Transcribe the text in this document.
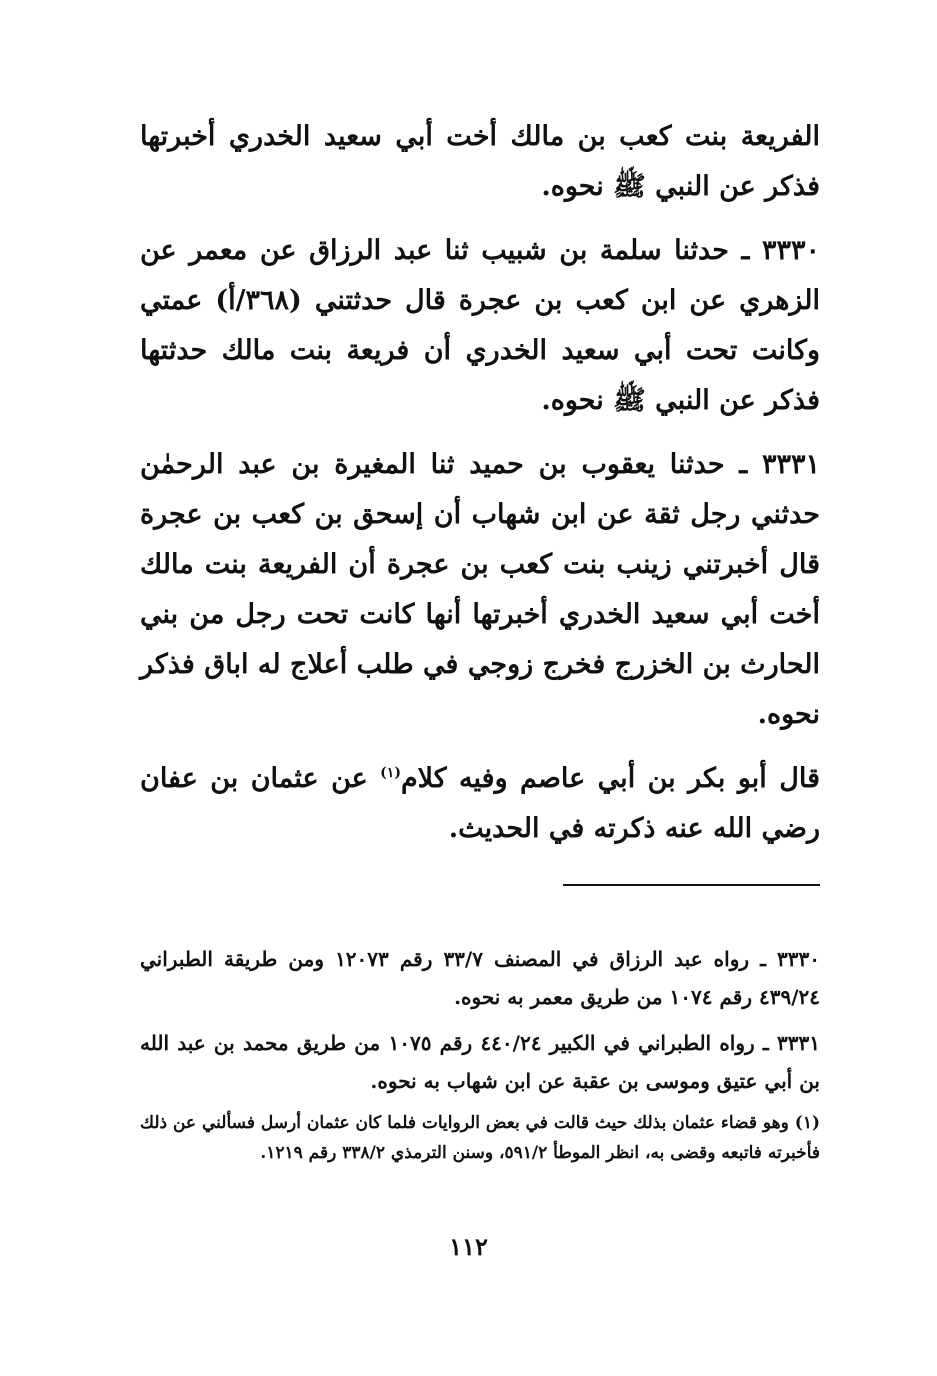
الفريعة بنت كعب بن مالك أخت أبي سعيد الخدري أخبرتها فذكر عن النبي ﷺ نحوه.

٣٣٣٠ ـ حدثنا سلمة بن شبيب ثنا عبد الرزاق عن معمر عن الزهري عن ابن كعب بن عجرة قال حدثتني (٣٦٨/أ) عمتي وكانت تحت أبي سعيد الخدري أن فريعة بنت مالك حدثتها فذكر عن النبي ﷺ نحوه.

٣٣٣١ ـ حدثنا يعقوب بن حميد ثنا المغيرة بن عبد الرحمٰن حدثني رجل ثقة عن ابن شهاب أن إسحق بن كعب بن عجرة قال أخبرتني زينب بنت كعب بن عجرة أن الفريعة بنت مالك أخت أبي سعيد الخدري أخبرتها أنها كانت تحت رجل من بني الحارث بن الخزرج فخرج زوجي في طلب أعلاج له اباق فذكر نحوه.

قال أبو بكر بن أبي عاصم وفيه كلام$^{(١)}$ عن عثمان بن عفان رضي الله عنه ذكرته في الحديث.

٣٣٣٠ ـ رواه عبد الرزاق في المصنف ٣٣/٧ رقم ١٢٠٧٣ ومن طريقة الطبراني ٤٣٩/٢٤ رقم ١٠٧٤ من طريق معمر به نحوه.

٣٣٣١ ـ رواه الطبراني في الكبير ٤٤٠/٢٤ رقم ١٠٧٥ من طريق محمد بن عبد الله بن أبي عتيق وموسى بن عقبة عن ابن شهاب به نحوه.

(١) وهو قضاء عثمان بذلك حيث قالت في بعض الروايات فلما كان عثمان أرسل فسألني عن ذلك فأخبرته فاتبعه وقضى به، انظر الموطأ ٥٩١/٢، وسنن الترمذي ٣٣٨/٢ رقم ١٢١٩.

١١٢
